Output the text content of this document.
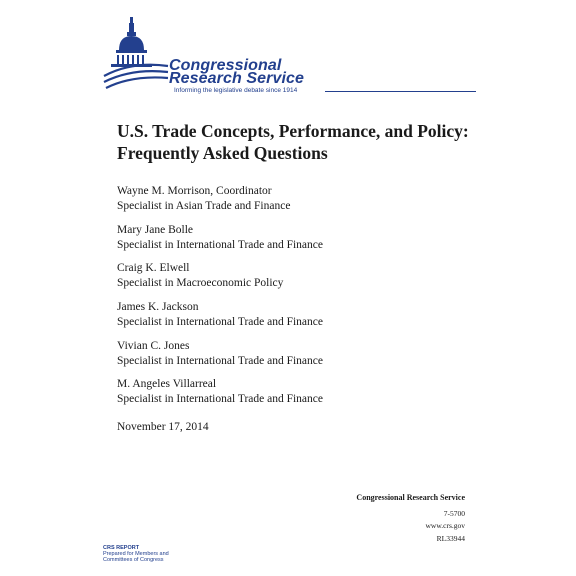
Congressional
Research Service
Informing the legislative debate since 1914
U.S. Trade Concepts, Performance, and Policy:
Frequently Asked Questions
Wayne M. Morrison, Coordinator
Specialist in Asian Trade and Finance
Mary Jane Bolle
Specialist in International Trade and Finance
Craig K. Elwell
Specialist in Macroeconomic Policy
James K. Jackson
Specialist in International Trade and Finance
Vivian C. Jones
Specialist in International Trade and Finance
M. Angeles Villarreal
Specialist in International Trade and Finance
November 17, 2014
Congressional Research Service
7-5700
www.crs.gov
RL33944
CRS REPORT
Prepared for Members and
Committees of Congress
